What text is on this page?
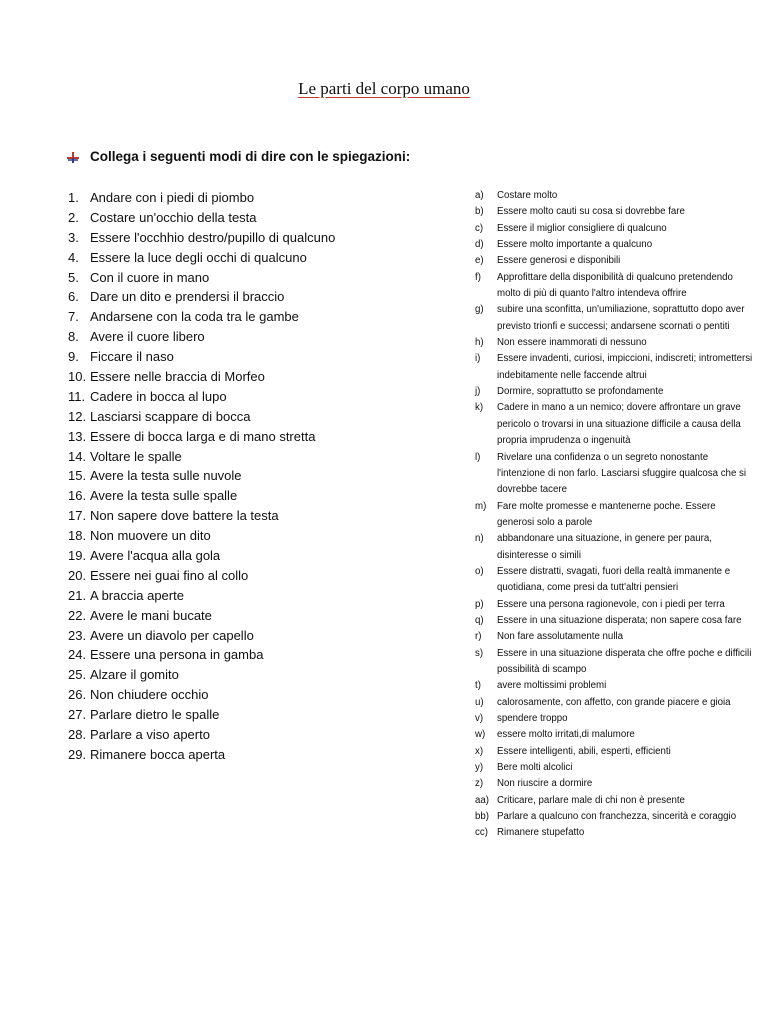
Le parti del corpo umano
Collega i seguenti modi di dire con le spiegazioni:
1. Andare con i piedi di piombo
2. Costare un'occhio della testa
3. Essere l'occhhio destro/pupillo di qualcuno
4. Essere la luce degli occhi di qualcuno
5. Con il cuore in mano
6. Dare un dito e prendersi il braccio
7. Andarsene con la coda tra le gambe
8. Avere il cuore libero
9. Ficcare il naso
10. Essere nelle braccia di Morfeo
11. Cadere in bocca al lupo
12. Lasciarsi scappare di bocca
13. Essere di bocca larga e di mano stretta
14. Voltare le spalle
15. Avere la testa sulle nuvole
16. Avere la testa sulle spalle
17. Non sapere dove battere la testa
18. Non muovere un dito
19. Avere l'acqua alla gola
20. Essere nei guai fino al collo
21. A braccia aperte
22. Avere le mani bucate
23. Avere un diavolo per capello
24. Essere una persona in gamba
25. Alzare il gomito
26. Non chiudere occhio
27. Parlare dietro le spalle
28. Parlare a viso aperto
29. Rimanere bocca aperta
a)	Costare molto
b)	Essere molto cauti su cosa si dovrebbe fare
c)	Essere il miglior consigliere di qualcuno
d)	Essere molto importante a qualcuno
e)	Essere generosi e disponibili
f)	Approfittare della disponibilità di qualcuno pretendendo molto di più di quanto l'altro intendeva offrire
g)	subire una sconfitta, un'umiliazione, soprattutto dopo aver previsto trionfi e successi; andarsene scornati o pentiti
h)	Non essere inammorati di nessuno
i)	Essere invadenti, curiosi, impiccioni, indiscreti; intromettersi indebitamente nelle faccende altrui
j)	Dormire, soprattutto se profondamente
k)	Cadere in mano a un nemico; dovere affrontare un grave pericolo o trovarsi in una situazione difficile a causa della propria imprudenza o ingenuità
l)	Rivelare una confidenza o un segreto nonostante l'intenzione di non farlo. Lasciarsi sfuggire qualcosa che si dovrebbe tacere
m)	Fare molte promesse e mantenerne poche. Essere generosi solo a parole
n)	abbandonare una situazione, in genere per paura, disinteresse o simili
o)	Essere distratti, svagati, fuori della realtà immanente e quotidiana, come presi da tutt'altri pensieri
p)	Essere una persona ragionevole, con i piedi per terra
q)	Essere in una situazione disperata; non sapere cosa fare
r)	Non fare assolutamente nulla
s)	Essere in una situazione disperata che offre poche e difficili possibilità di scampo
t)	avere moltissimi problemi
u)	calorosamente, con affetto, con grande piacere e gioia
v)	spendere troppo
w)	essere molto irritati,di malumore
x)	Essere intelligenti, abili, esperti, efficienti
y)	Bere molti alcolici
z)	Non riuscire a dormire
aa) Criticare, parlare male di chi non è presente
bb) Parlare a qualcuno con franchezza, sincerità e coraggio
cc) Rimanere stupefatto
